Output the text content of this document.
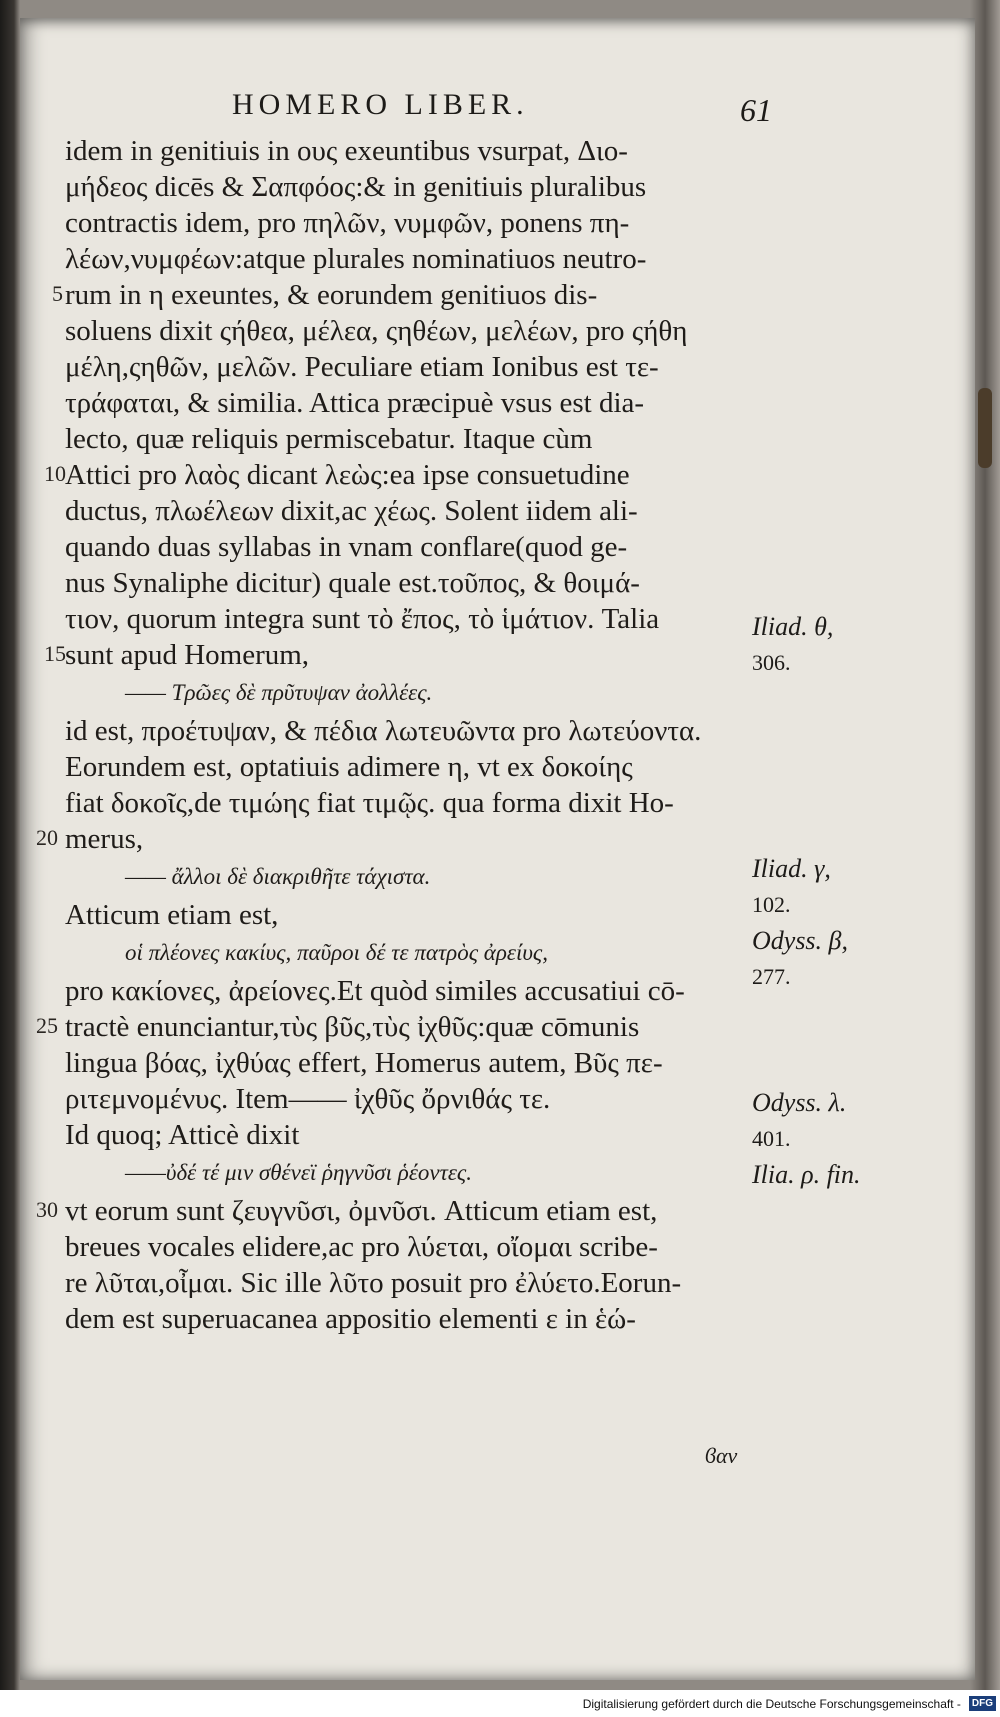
HOMERO LIBER.	61
idem in genitiuis in ους exeuntibus vsurpat, Διο-
μήδεος dicēs & Σαπφόος:& in genitiuis pluralibus
contractis idem, pro πηλῶν, νυμφῶν, ponens πη-
λέων,νυμφέων:atque plurales nominatiuos neutro-
rum in η exeuntes, & eorundem genitiuos dis-
soluens dixit ςήθεα, μέλεα, ςηθέων, μελέων, pro ςήθη
μέλη,ςηθῶν, μελῶν. Peculiare etiam Ionibus est τε-
τράφαται, & similia. Attica præcipuè vsus est dia-
lecto, quæ reliquis permiscebatur. Itaque cùm
Attici pro λαὸς dicant λεὼς:ea ipse consuetudine
ductus, πλωέλεων dixit,ac χέως. Solent iidem ali-
quando duas syllabas in vnam conflare(quod ge-
nus Synaliphe dicitur) quale est.τοῦπος, & θοιμά-
τιον, quorum integra sunt τὸ ἔπος, τὸ ἱμάτιον. Talia
sunt apud Homerum,
—— Τρῶες δὲ πρῦτυψαν ἀολλέες.
id est, πρoέτυψαν, & πέδια λωτευῶντα pro λωτεύοντα.
Eorundem est, optatiuis adimere η, vt ex δοκοίης
fiat δοκοῖς,de τιμώης fiat τιμῷς. qua forma dixit Ho-
merus,
—— ἄλλοι δὲ διακριθῆτε τάχιστα.
Atticum etiam est,
οἱ πλέονες κακίυς, παῦροι δέ τε πατρὸς ἀρείυς,
pro κακίονες, ἀρείονες.Et quòd similes accusatiui cō-
tractè enunciantur,τὺς βῦς,τὺς ἰχθῦς:quæ cōmunis
lingua βόας, ἰχθύας effert, Homerus autem, Βῦς πε-
ριτεμνομένυς. Item—— ἰχθῦς ὄρνιθάς τε.
Id quoq; Atticè dixit
——ὐδέ τέ μιν σθένεϊ ῥηγνῦσι ῥέοντες.
vt eorum sunt ζευγνῦσι, ὀμνῦσι. Atticum etiam est,
breues vocales elidere,ac pro λύεται, οἴομαι scribe-
re λῦται,οἶμαι. Sic ille λῦτο posuit pro ἐλύετο.Eorun-
dem est superuacanea appositio elementi ε in ἑώ-
5
10
15
20
25
30
Iliad. θ,
306.
Iliad. γ,
102.
Odyss. β,
277.
Odyss. λ.
401.
Ilia. ρ. fin.
ϐαν
Digitalisierung gefördert durch die Deutsche Forschungsgemeinschaft -	DFG
